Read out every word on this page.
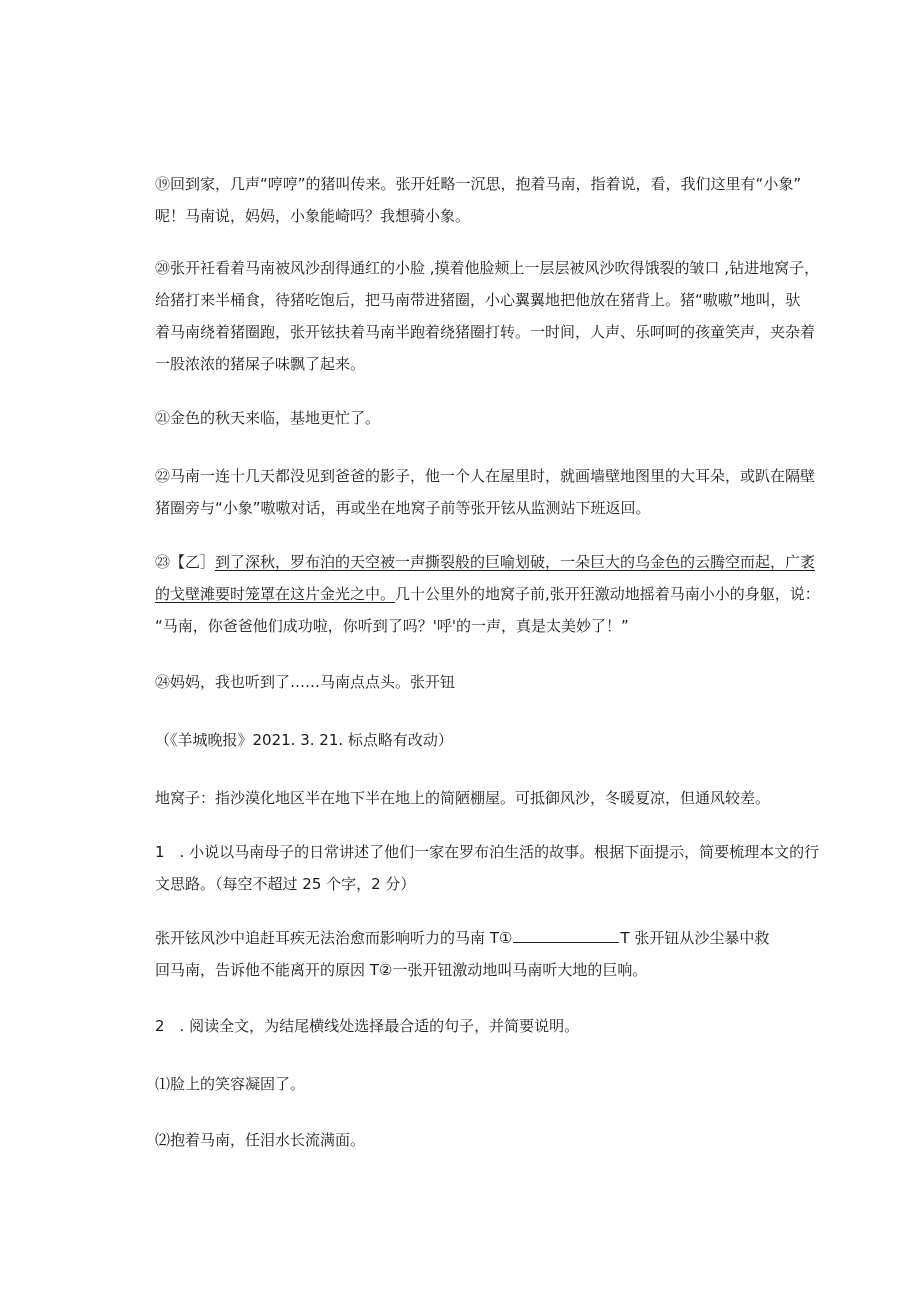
⑲回到家，几声“哼哼”的猪叫传来。张开妊略一沉思，抱着马南，指着说，看，我们这里有“小象”
呢！马南说，妈妈，小象能崎吗？我想骑小象。

⑳张开衽看着马南被风沙刮得通红的小脸 ,摸着他脸颊上一层层被风沙吹得饿裂的皱口 ,钻进地窝子，
给猪打来半桶食，待猪吃饱后，把马南带进猪圈，小心翼翼地把他放在猪背上。猪“嗷嗷”地叫，驮
着马南绕着猪圈跑，张开铉扶着马南半跑着绕猪圈打转。一时间，人声、乐呵呵的孩童笑声，夹杂着
一股浓浓的猪屎子味飘了起来。

㉑金色的秋天来临，基地更忙了。

㉒马南一连十几天都没见到爸爸的影子，他一个人在屋里时，就画墙壁地图里的大耳朵，或趴在隔壁
猪圈旁与“小象”嗷嗷对话，再或坐在地窝子前等张开铉从监测站下班返回。

㉓【乙］到了深秋，罗布泊的天空被一声撕裂般的巨喻划破，一朵巨大的乌金色的云腾空而起，广袤
的戈壁滩要时笼罩在这片金光之中。几十公里外的地窝子前,张开狂激动地摇着马南小小的身躯，说：
“马南，你爸爸他们成功啦，你听到了吗？'呼'的一声，真是太美妙了！”

㉔妈妈，我也听到了……马南点点头。张开钮

（《羊城晚报》2021. 3. 21. 标点略有改动）

地窝子：指沙漠化地区半在地下半在地上的简陋棚屋。可抵御风沙，冬暖夏凉，但通风较差。

1　. 小说以马南母子的日常讲述了他们一家在罗布泊生活的故事。根据下面提示，简要梳理本文的行
文思路。（每空不超过 25 个字，2 分）

张开铉风沙中追赶耳疾无法治愈而影响听力的马南 T①	T 张开钮从沙尘暴中救
回马南，告诉他不能离开的原因 T②一张开钮激动地叫马南听大地的巨响。

2　. 阅读全文，为结尾横线处选择最合适的句子，并简要说明。

⑴脸上的笑容凝固了。

⑵抱着马南，任泪水长流满面。
